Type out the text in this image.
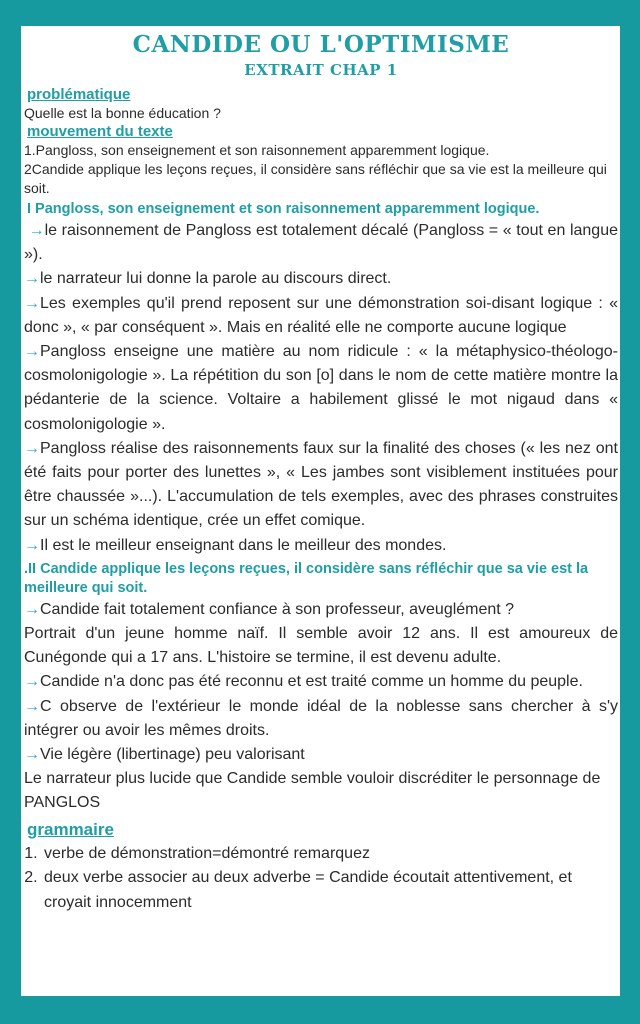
CANDIDE OU L'OPTIMISME
EXTRAIT CHAP 1
problématique

Quelle est la bonne éducation ?

mouvement du texte

1.Pangloss, son enseignement et son raisonnement apparemment logique.

2Candide applique les leçons reçues, il considère sans réfléchir que sa vie est la meilleure qui soit.

I Pangloss, son enseignement et son raisonnement apparemment logique.

→le raisonnement de Pangloss est totalement décalé (Pangloss = « tout en langue »).

→le narrateur lui donne la parole au discours direct.

→Les exemples qu'il prend reposent sur une démonstration soi-disant logique : « donc », « par conséquent ». Mais en réalité elle ne comporte aucune logique

→Pangloss enseigne une matière au nom ridicule : « la métaphysico-théologo-cosmolonigologie ». La répétition du son [o] dans le nom de cette matière montre la pédanterie de la science. Voltaire a habilement glissé le mot nigaud dans « cosmolonigologie ».

→Pangloss réalise des raisonnements faux sur la finalité des choses (« les nez ont été faits pour porter des lunettes », « Les jambes sont visiblement instituées pour être chaussée »...). L'accumulation de tels exemples, avec des phrases construites sur un schéma identique, crée un effet comique.

→Il est le meilleur enseignant dans le meilleur des mondes.

.II Candide applique les leçons reçues, il considère sans réfléchir que sa vie est la meilleure qui soit.

→Candide fait totalement confiance à son professeur, aveuglément ?

Portrait d'un jeune homme naïf. Il semble avoir 12 ans. Il est amoureux de Cunégonde qui a 17 ans. L'histoire se termine, il est devenu adulte.

→Candide n'a donc pas été reconnu et est traité comme un homme du peuple.

→C observe de l'extérieur le monde idéal de la noblesse sans chercher à s'y intégrer ou avoir les mêmes droits.

→Vie légère (libertinage) peu valorisant

Le narrateur plus lucide que Candide semble vouloir discréditer le personnage de PANGLOS

grammaire
1. verbe de démonstration=démontré remarquez
2. deux verbe associer au deux adverbe = Candide écoutait attentivement, et croyait innocemment
